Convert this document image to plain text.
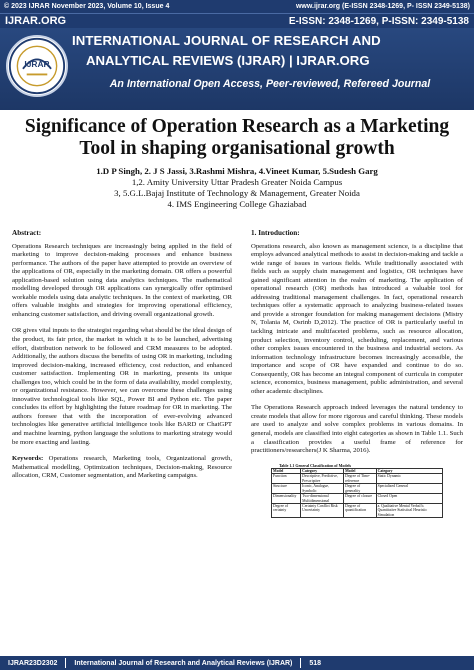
© 2023 IJRAR November 2023, Volume 10, Issue 4	www.ijrar.org (E-ISSN 2348-1269, P- ISSN 2349-5138)
IJRAR.ORG	E-ISSN: 2348-1269, P-ISSN: 2349-5138
IJRAR
INTERNATIONAL JOURNAL OF RESEARCH AND
ANALYTICAL REVIEWS (IJRAR) | IJRAR.ORG
An International Open Access, Peer-reviewed, Refereed Journal
Significance of Operation Research as a Marketing Tool in shaping organisational growth
1.D P Singh, 2. J S Jassi, 3.Rashmi Mishra, 4.Vineet Kumar, 5.Sudesh Garg
1,2. Amity University Uttar Pradesh Greater Noida Campus
3, 5.G.L.Bajaj Institute of Technology & Management, Greater Noida
4. IMS Engineering College Ghaziabad
Abstract:

Operations Research techniques are increasingly being applied in the field of marketing to improve decision-making processes and enhance business performance. The authors of the paper have attempted to provide an overview of the applications of OR, especially in the marketing domain. OR offers a powerful application-based solution using data analytics techniques. The mathematical modelling developed through OR applications can synergically offer optimised workable models using data analytic techniques. In the context of marketing, OR offers valuable insights and strategies for improving operational efficiency, enhancing customer satisfaction, and driving overall organizational growth.

OR gives vital inputs to the strategist regarding what should be the ideal design of the product, its fair price, the market in which it is to be launched, advertising effort, distribution network to be followed and CRM measures to be adopted. Additionally, the authors discuss the benefits of using OR in marketing, including improved decision-making, increased efficiency, cost reduction, and enhanced customer satisfaction. Implementing OR in marketing, presents its unique challenges too, which could be in the form of data availability, model complexity, or organizational resistance. However, we can overcome these challenges using innovative technological tools like SQL, Power BI and Python etc. The paper concludes its effort by highlighting the future roadmap for OR in marketing. The authors foresee that with the incorporation of ever-evolving advanced technologies like generative artificial intelligence tools like BARD or ChatGPT and machine learning, python language the solutions to marketing strategy would be more exacting and lasting.

Keywords: Operations research, Marketing tools, Organizational growth, Mathematical modelling, Optimization techniques, Decision-making, Resource allocation, CRM, Customer segmentation, and Marketing campaigns.

1. Introduction:

Operations research, also known as management science, is a discipline that employs advanced analytical methods to assist in decision-making and tackle a wide range of issues in various fields. While traditionally associated with fields such as supply chain management and logistics, OR techniques have gained significant attention in the realm of marketing. The application of operational research (OR) methods has introduced a valuable tool for addressing traditional management challenges. In fact, operational research techniques offer a systematic approach to analyzing business-related issues and provide a stronger foundation for making management decisions (Mistry N, Tolania M, Osrinb D,2012). The practice of OR is particularly useful in tackling intricate and multifaceted problems, such as resource allocation, product selection, inventory control, scheduling, replacement, and various other complex issues encountered in the business and industrial sectors. As information technology infrastructure becomes increasingly accessible, the importance and scope of OR have expanded and continue to do so. Consequently, OR has become an integral component of curricula in computer science, economics, business management, public administration, and several other academic disciplines.

The Operations Research approach indeed leverages the natural tendency to create models that allow for more rigorous and careful thinking. These models are used to analyze and solve complex problems in various domains. In general, models are classified into eight categories as shown in Table 1.1. Such a classification provides a useful frame of reference for practitioners/researchers(J K Sharma, 2016).

Table 1.1 General Classification of Models
Model	Category	Model	Category
Function	Descriptive, Predictive, Prescriptive	Degree of Time-reference	Static Dynamic
Structure	Iconic, Analogue, Symbolic	Degree of generality	Specialized General
Dimensionality	Two-dimensional Multidimensional	Degree of closure	Closed Open
Degree of certainty	Certainty Conflict Risk Uncertainty	Degree of quantification	a. Qualitative Mental Verbal b. Quantitative Statistical Heuristic Simulation
IJRAR23D2302	International Journal of Research and Analytical Reviews (IJRAR)	518
